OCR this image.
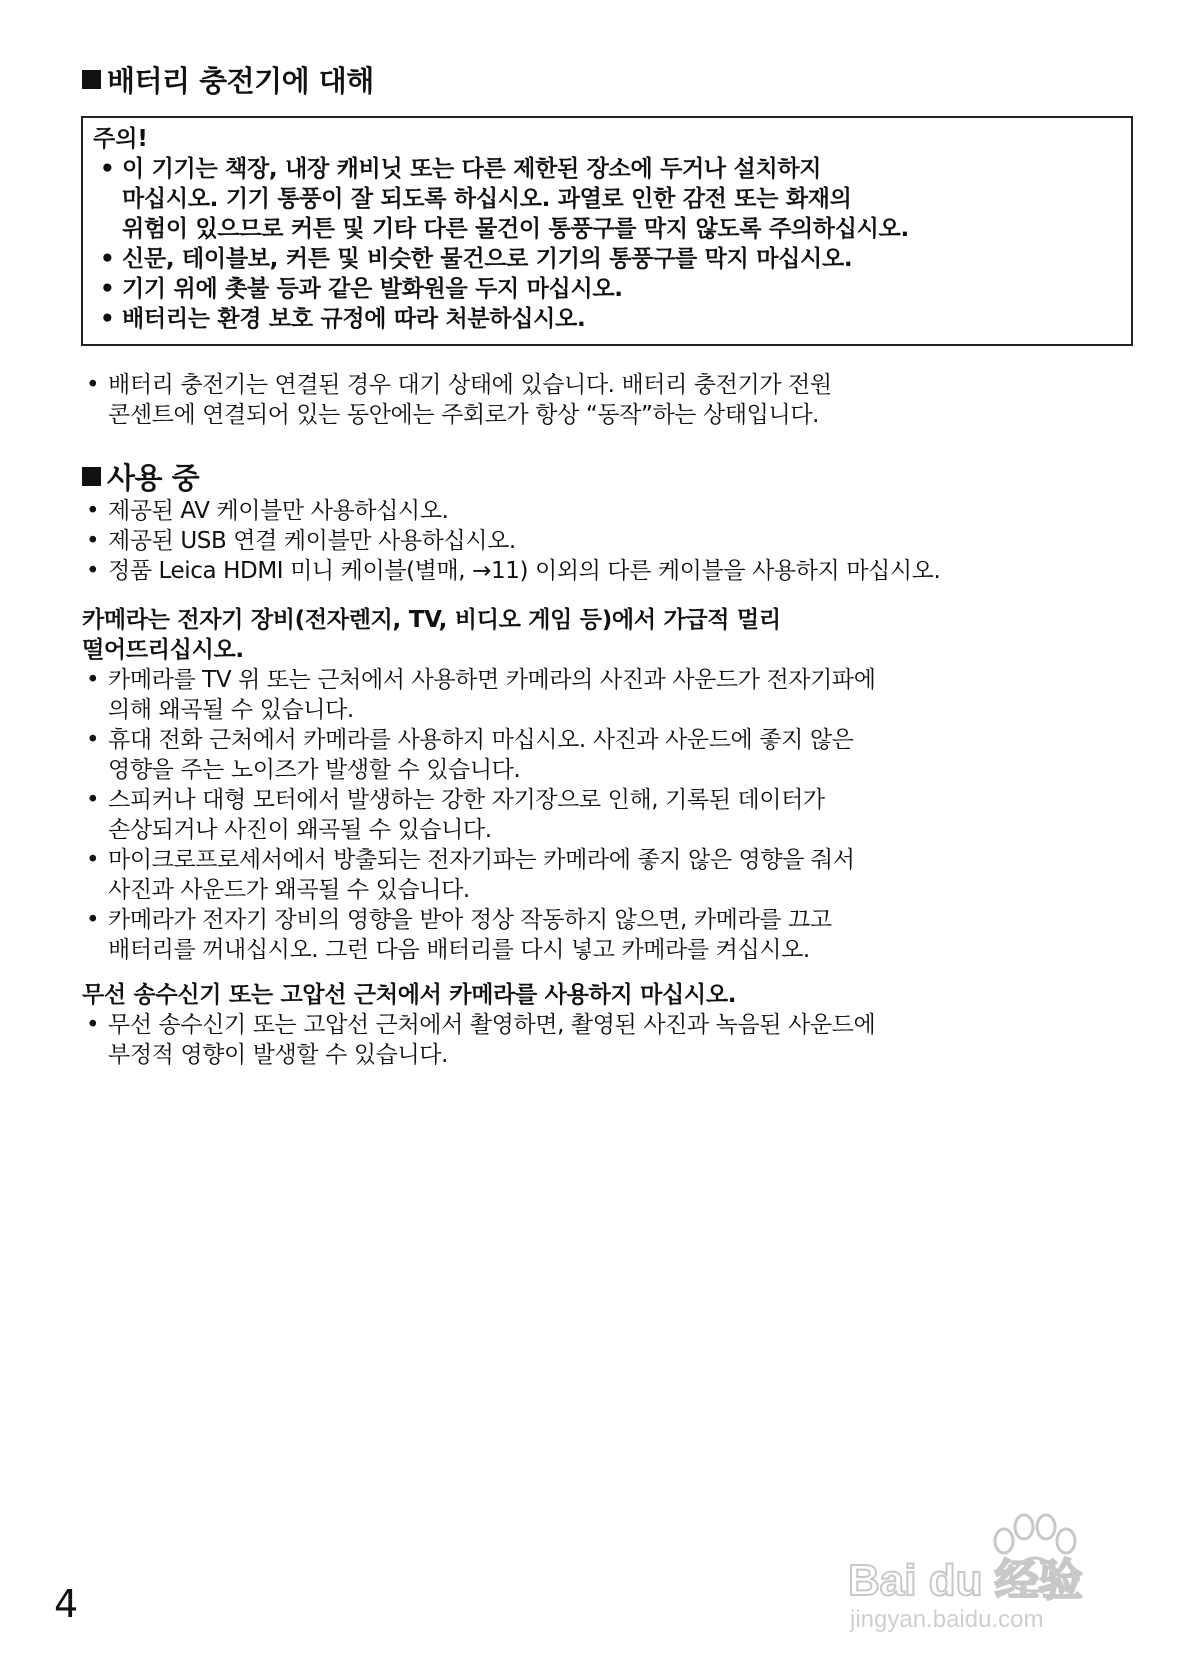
배터리 충전기에 대해
주의!
• 이 기기는 책장, 내장 캐비닛 또는 다른 제한된 장소에 두거나 설치하지
마십시오. 기기 통풍이 잘 되도록 하십시오. 과열로 인한 감전 또는 화재의
위험이 있으므로 커튼 및 기타 다른 물건이 통풍구를 막지 않도록 주의하십시오.
• 신문, 테이블보, 커튼 및 비슷한 물건으로 기기의 통풍구를 막지 마십시오.
• 기기 위에 촛불 등과 같은 발화원을 두지 마십시오.
• 배터리는 환경 보호 규정에 따라 처분하십시오.
• 배터리 충전기는 연결된 경우 대기 상태에 있습니다. 배터리 충전기가 전원
콘센트에 연결되어 있는 동안에는 주회로가 항상 “동작”하는 상태입니다.
사용 중
• 제공된 AV 케이블만 사용하십시오.
• 제공된 USB 연결 케이블만 사용하십시오.
• 정품 Leica HDMI 미니 케이블(별매, →11) 이외의 다른 케이블을 사용하지 마십시오.
카메라는 전자기 장비(전자렌지, TV, 비디오 게임 등)에서 가급적 멀리
떨어뜨리십시오.
• 카메라를 TV 위 또는 근처에서 사용하면 카메라의 사진과 사운드가 전자기파에
의해 왜곡될 수 있습니다.
• 휴대 전화 근처에서 카메라를 사용하지 마십시오. 사진과 사운드에 좋지 않은
영향을 주는 노이즈가 발생할 수 있습니다.
• 스피커나 대형 모터에서 발생하는 강한 자기장으로 인해, 기록된 데이터가
손상되거나 사진이 왜곡될 수 있습니다.
• 마이크로프로세서에서 방출되는 전자기파는 카메라에 좋지 않은 영향을 줘서
사진과 사운드가 왜곡될 수 있습니다.
• 카메라가 전자기 장비의 영향을 받아 정상 작동하지 않으면, 카메라를 끄고
배터리를 꺼내십시오. 그런 다음 배터리를 다시 넣고 카메라를 켜십시오.
무선 송수신기 또는 고압선 근처에서 카메라를 사용하지 마십시오.
• 무선 송수신기 또는 고압선 근처에서 촬영하면, 촬영된 사진과 녹음된 사운드에
부정적 영향이 발생할 수 있습니다.
Bai du 经验
jingyan.baidu.com
4
